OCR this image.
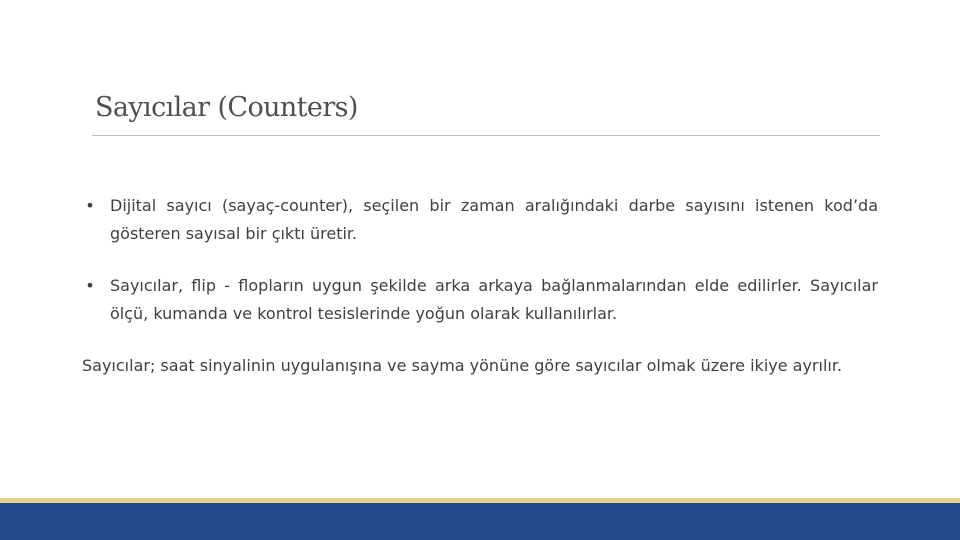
Sayıcılar (Counters)
• Dijital sayıcı (sayaç-counter), seçilen bir zaman aralığındaki darbe sayısını istenen kod’da gösteren sayısal bir çıktı üretir.
• Sayıcılar, flip - flopların uygun şekilde arka arkaya bağlanmalarından elde edilirler. Sayıcılar ölçü, kumanda ve kontrol tesislerinde yoğun olarak kullanılırlar.
Sayıcılar; saat sinyalinin uygulanışına ve sayma yönüne göre sayıcılar olmak üzere ikiye ayrılır.
